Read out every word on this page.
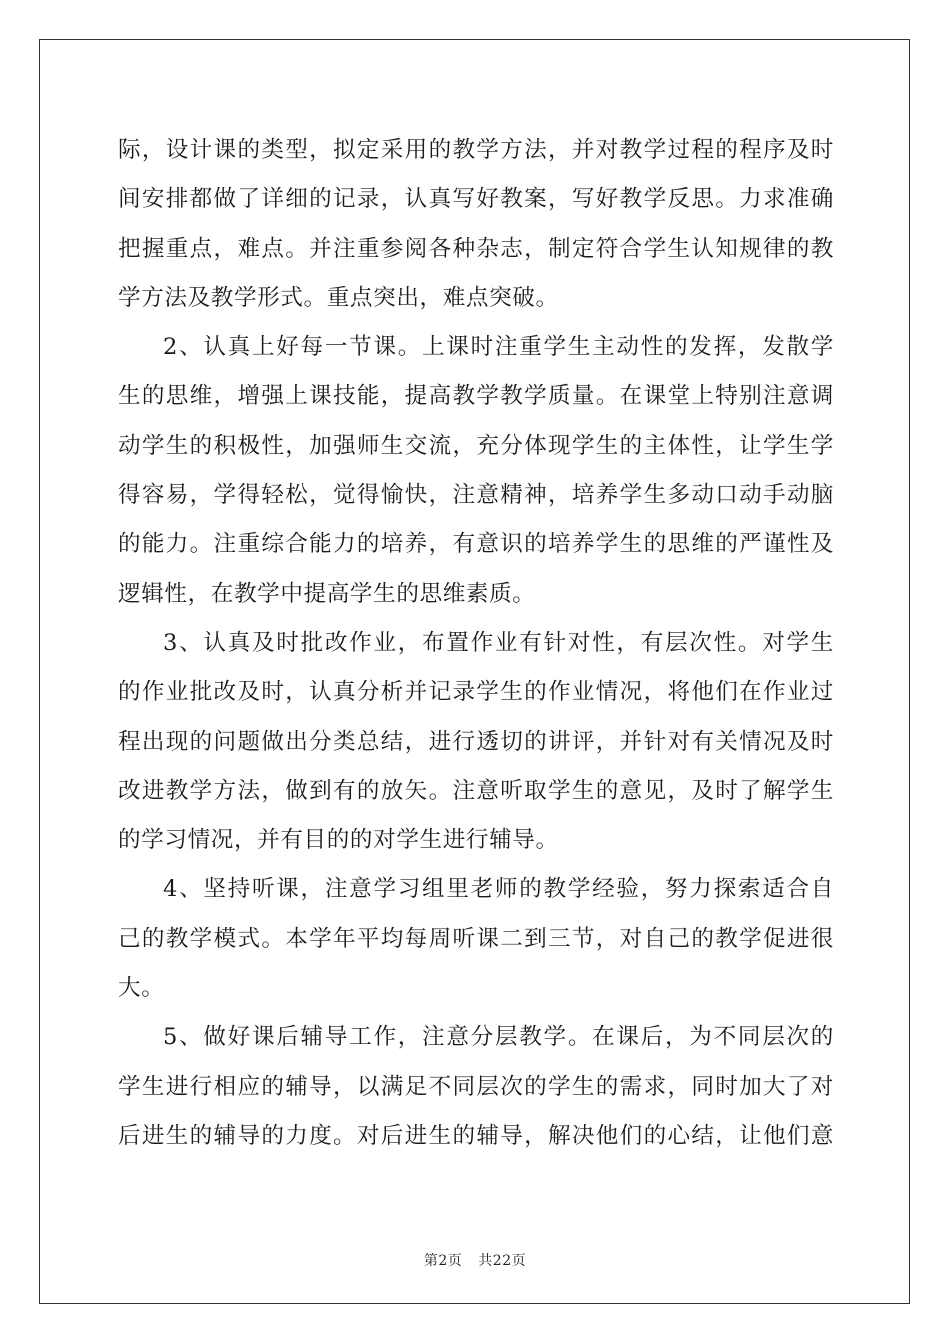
际，设计课的类型，拟定采用的教学方法，并对教学过程的程序及时
间安排都做了详细的记录，认真写好教案，写好教学反思。力求准确
把握重点，难点。并注重参阅各种杂志，制定符合学生认知规律的教
学方法及教学形式。重点突出，难点突破。
2、认真上好每一节课。上课时注重学生主动性的发挥，发散学
生的思维，增强上课技能，提高教学教学质量。在课堂上特别注意调
动学生的积极性，加强师生交流，充分体现学生的主体性，让学生学
得容易，学得轻松，觉得愉快，注意精神，培养学生多动口动手动脑
的能力。注重综合能力的培养，有意识的培养学生的思维的严谨性及
逻辑性，在教学中提高学生的思维素质。
3、认真及时批改作业，布置作业有针对性，有层次性。对学生
的作业批改及时，认真分析并记录学生的作业情况，将他们在作业过
程出现的问题做出分类总结，进行透切的讲评，并针对有关情况及时
改进教学方法，做到有的放矢。注意听取学生的意见，及时了解学生
的学习情况，并有目的的对学生进行辅导。
4、坚持听课，注意学习组里老师的教学经验，努力探索适合自
己的教学模式。本学年平均每周听课二到三节，对自己的教学促进很
大。
5、做好课后辅导工作，注意分层教学。在课后，为不同层次的
学生进行相应的辅导，以满足不同层次的学生的需求，同时加大了对
后进生的辅导的力度。对后进生的辅导，解决他们的心结，让他们意
第2页 共22页
